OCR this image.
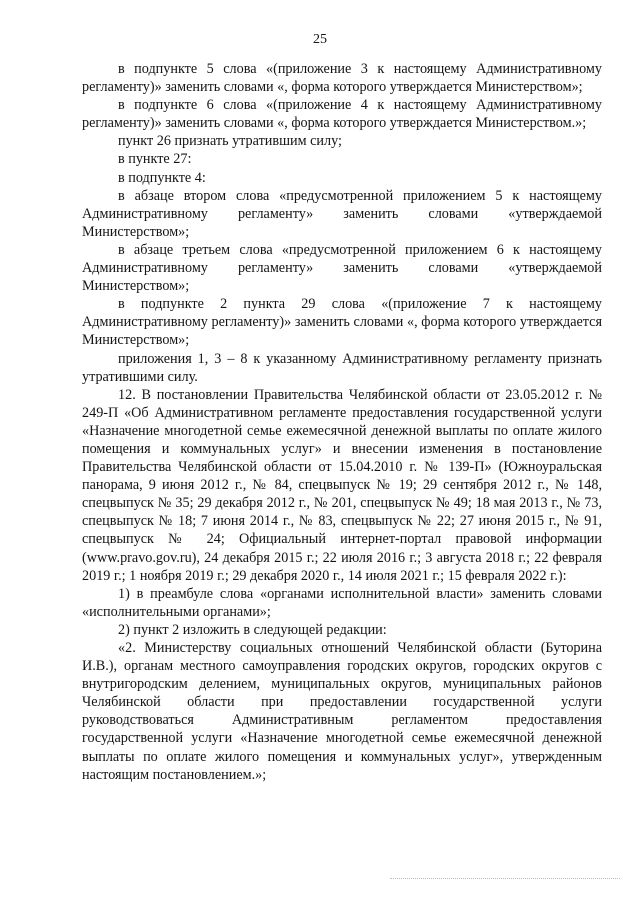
25

в подпункте 5 слова «(приложение 3 к настоящему Административному регламенту)» заменить словами «, форма которого утверждается Министерством»;

в подпункте 6 слова «(приложение 4 к настоящему Административному регламенту)» заменить словами «, форма которого утверждается Министерством.»;

пункт 26 признать утратившим силу;

в пункте 27:

в подпункте 4:

в абзаце втором слова «предусмотренной приложением 5 к настоящему Административному регламенту» заменить словами «утверждаемой Министерством»;

в абзаце третьем слова «предусмотренной приложением 6 к настоящему Административному регламенту» заменить словами «утверждаемой Министерством»;

в подпункте 2 пункта 29 слова «(приложение 7 к настоящему Административному регламенту)» заменить словами «, форма которого утверждается Министерством»;

приложения 1, 3 – 8 к указанному Административному регламенту признать утратившими силу.

12. В постановлении Правительства Челябинской области от 23.05.2012 г. № 249-П «Об Административном регламенте предоставления государственной услуги «Назначение многодетной семье ежемесячной денежной выплаты по оплате жилого помещения и коммунальных услуг» и внесении изменения в постановление Правительства Челябинской области от 15.04.2010 г. № 139-П» (Южноуральская панорама, 9 июня 2012 г., № 84, спецвыпуск № 19; 29 сентября 2012 г., № 148, спецвыпуск № 35; 29 декабря 2012 г., № 201, спецвыпуск № 49; 18 мая 2013 г., № 73, спецвыпуск № 18; 7 июня 2014 г., № 83, спецвыпуск № 22; 27 июня 2015 г., № 91, спецвыпуск № 24; Официальный интернет-портал правовой информации (www.pravo.gov.ru), 24 декабря 2015 г.; 22 июля 2016 г.; 3 августа 2018 г.; 22 февраля 2019 г.; 1 ноября 2019 г.; 29 декабря 2020 г., 14 июля 2021 г.; 15 февраля 2022 г.):

1) в преамбуле слова «органами исполнительной власти» заменить словами «исполнительными органами»;

2) пункт 2 изложить в следующей редакции:

«2. Министерству социальных отношений Челябинской области (Буторина И.В.), органам местного самоуправления городских округов, городских округов с внутригородским делением, муниципальных округов, муниципальных районов Челябинской области при предоставлении государственной услуги руководствоваться Административным регламентом предоставления государственной услуги «Назначение многодетной семье ежемесячной денежной выплаты по оплате жилого помещения и коммунальных услуг», утвержденным настоящим постановлением.»;
